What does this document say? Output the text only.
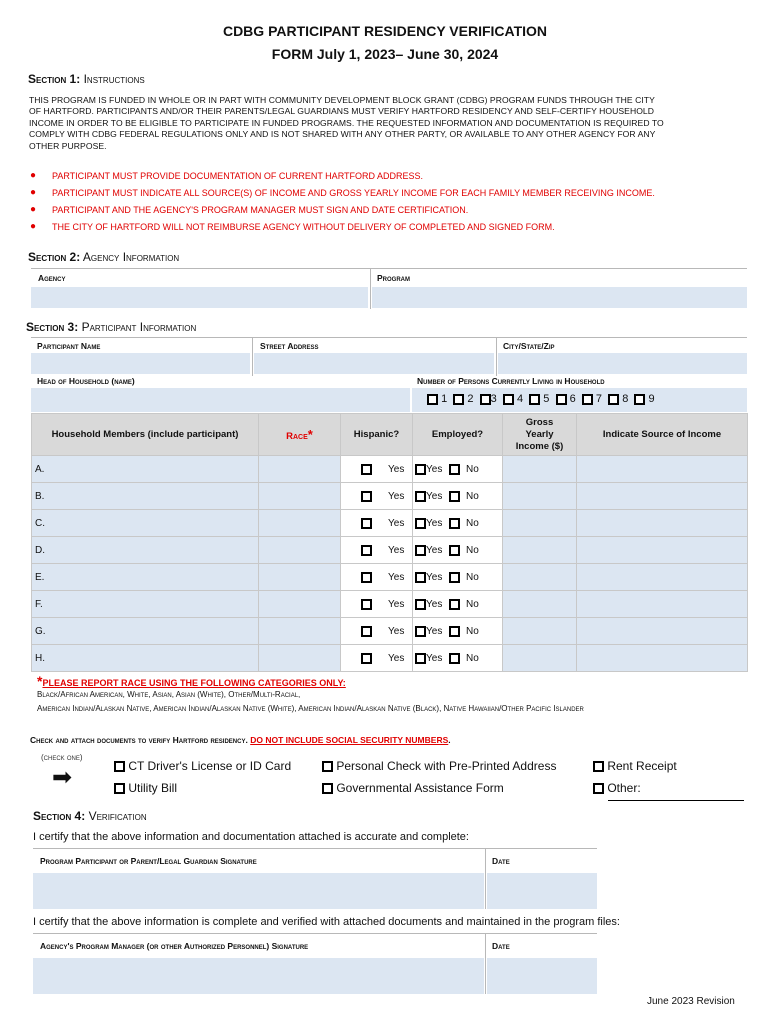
CDBG PARTICIPANT RESIDENCY VERIFICATION
FORM July 1, 2023– June 30, 2024
Section 1: Instructions
THIS PROGRAM IS FUNDED IN WHOLE OR IN PART WITH COMMUNITY DEVELOPMENT BLOCK GRANT (CDBG) PROGRAM FUNDS THROUGH THE CITY
OF HARTFORD. PARTICIPANTS AND/OR THEIR PARENTS/LEGAL GUARDIANS MUST VERIFY HARTFORD RESIDENCY AND SELF-CERTIFY HOUSEHOLD
INCOME IN ORDER TO BE ELIGIBLE TO PARTICIPATE IN FUNDED PROGRAMS. THE REQUESTED INFORMATION AND DOCUMENTATION IS REQUIRED TO
COMPLY WITH CDBG FEDERAL REGULATIONS ONLY AND IS NOT SHARED WITH ANY OTHER PARTY, OR AVAILABLE TO ANY OTHER AGENCY FOR ANY
OTHER PURPOSE.
● PARTICIPANT MUST PROVIDE DOCUMENTATION OF CURRENT HARTFORD ADDRESS.
● PARTICIPANT MUST INDICATE ALL SOURCE(S) OF INCOME AND GROSS YEARLY INCOME FOR EACH FAMILY MEMBER RECEIVING INCOME.
● PARTICIPANT AND THE AGENCY'S PROGRAM MANAGER MUST SIGN AND DATE CERTIFICATION.
● THE CITY OF HARTFORD WILL NOT REIMBURSE AGENCY WITHOUT DELIVERY OF COMPLETED AND SIGNED FORM.
Section 2: Agency Information
Agency	Program
Section 3: Participant Information
Participant Name	Street Address	City/State/Zip
Head of Household (name)	Number of Persons Currently Living in Household
1 2 3 4 5 6 7 8 9
Household Members (include participant)	Race*	Hispanic?	Employed?	Gross
Yearly
Income ($)	Indicate Source of Income
A.		Yes	Yes No		

B.		Yes	Yes No		

C.		Yes	Yes No		

D.		Yes	Yes No		

E.		Yes	Yes No		

F.		Yes	Yes No		

G.		Yes	Yes No		

H.		Yes	Yes No		

*PLEASE REPORT RACE USING THE FOLLOWING CATEGORIES ONLY:
Black/African American, White, Asian, Asian (White), Other/Multi-Racial,
American Indian/Alaskan Native, American Indian/Alaskan Native (White), American Indian/Alaskan Native (Black), Native Hawaiian/Other Pacific Islander
Check and attach documents to verify Hartford residency. DO NOT INCLUDE SOCIAL SECURITY NUMBERS.
(check one)
➡	CT Driver's License or ID Card
Utility Bill
Personal Check with Pre-Printed Address
Governmental Assistance Form
Rent Receipt
Other:
Section 4: Verification
I certify that the above information and documentation attached is accurate and complete:
Program Participant or Parent/Legal Guardian Signature	Date
I certify that the above information is complete and verified with attached documents and maintained in the program files:
Agency's Program Manager (or other Authorized Personnel) Signature	Date
June 2023 Revision
